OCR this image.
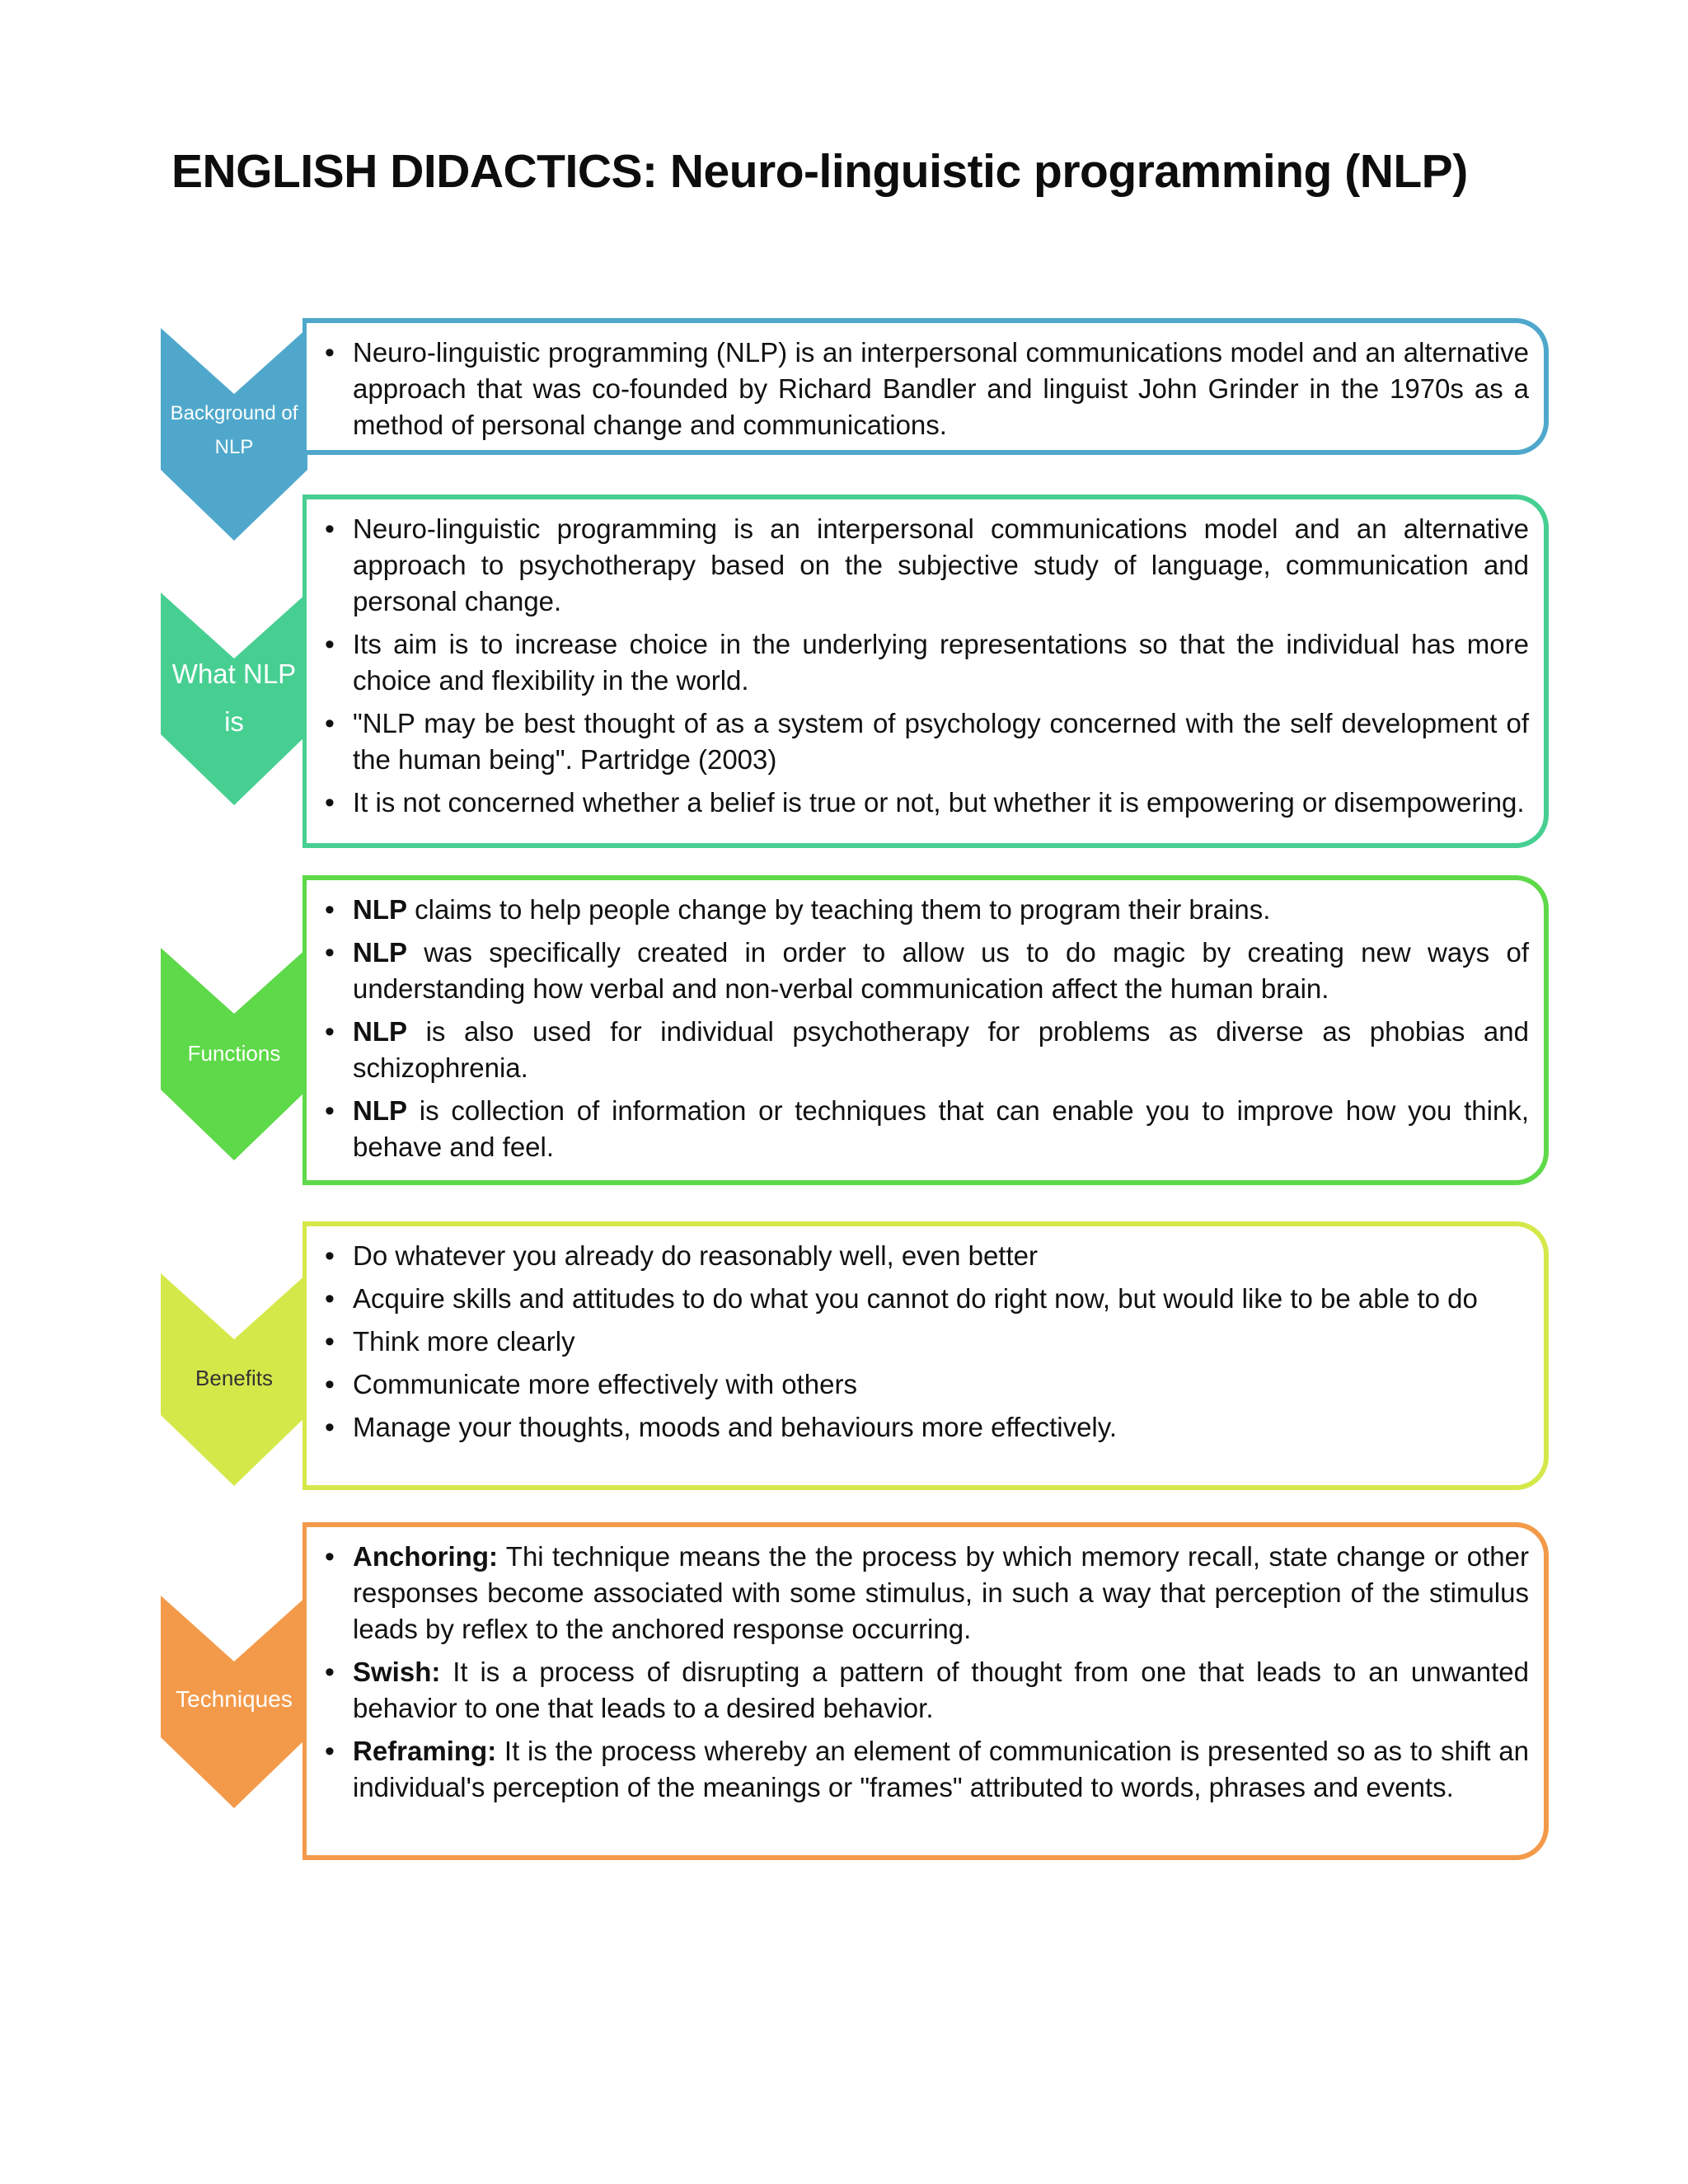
ENGLISH DIDACTICS: Neuro-linguistic programming (NLP)
Background of
NLP
• Neuro-linguistic programming (NLP) is an interpersonal communications model and an alternative approach that was co-founded by Richard Bandler and linguist John Grinder in the 1970s as a method of personal change and communications.
What NLP
is
• Neuro-linguistic programming is an interpersonal communications model and an alternative approach to psychotherapy based on the subjective study of language, communication and personal change.
• Its aim is to increase choice in the underlying representations so that the individual has more choice and flexibility in the world.
• "NLP may be best thought of as a system of psychology concerned with the self development of the human being". Partridge (2003)
• It is not concerned whether a belief is true or not, but whether it is empowering or disempowering.
Functions
• NLP claims to help people change by teaching them to program their brains.
• NLP was specifically created in order to allow us to do magic by creating new ways of understanding how verbal and non-verbal communication affect the human brain.
• NLP is also used for individual psychotherapy for problems as diverse as phobias and schizophrenia.
• NLP is collection of information or techniques that can enable you to improve how you think, behave and feel.
Benefits
• Do whatever you already do reasonably well, even better
• Acquire skills and attitudes to do what you cannot do right now, but would like to be able to do
• Think more clearly
• Communicate more effectively with others
• Manage your thoughts, moods and behaviours more effectively.
Techniques
• Anchoring: Thi technique means the the process by which memory recall, state change or other responses become associated with some stimulus, in such a way that perception of the stimulus leads by reflex to the anchored response occurring.
• Swish: It is a process of disrupting a pattern of thought from one that leads to an unwanted behavior to one that leads to a desired behavior.
• Reframing: It is the process whereby an element of communication is presented so as to shift an individual's perception of the meanings or "frames" attributed to words, phrases and events.
